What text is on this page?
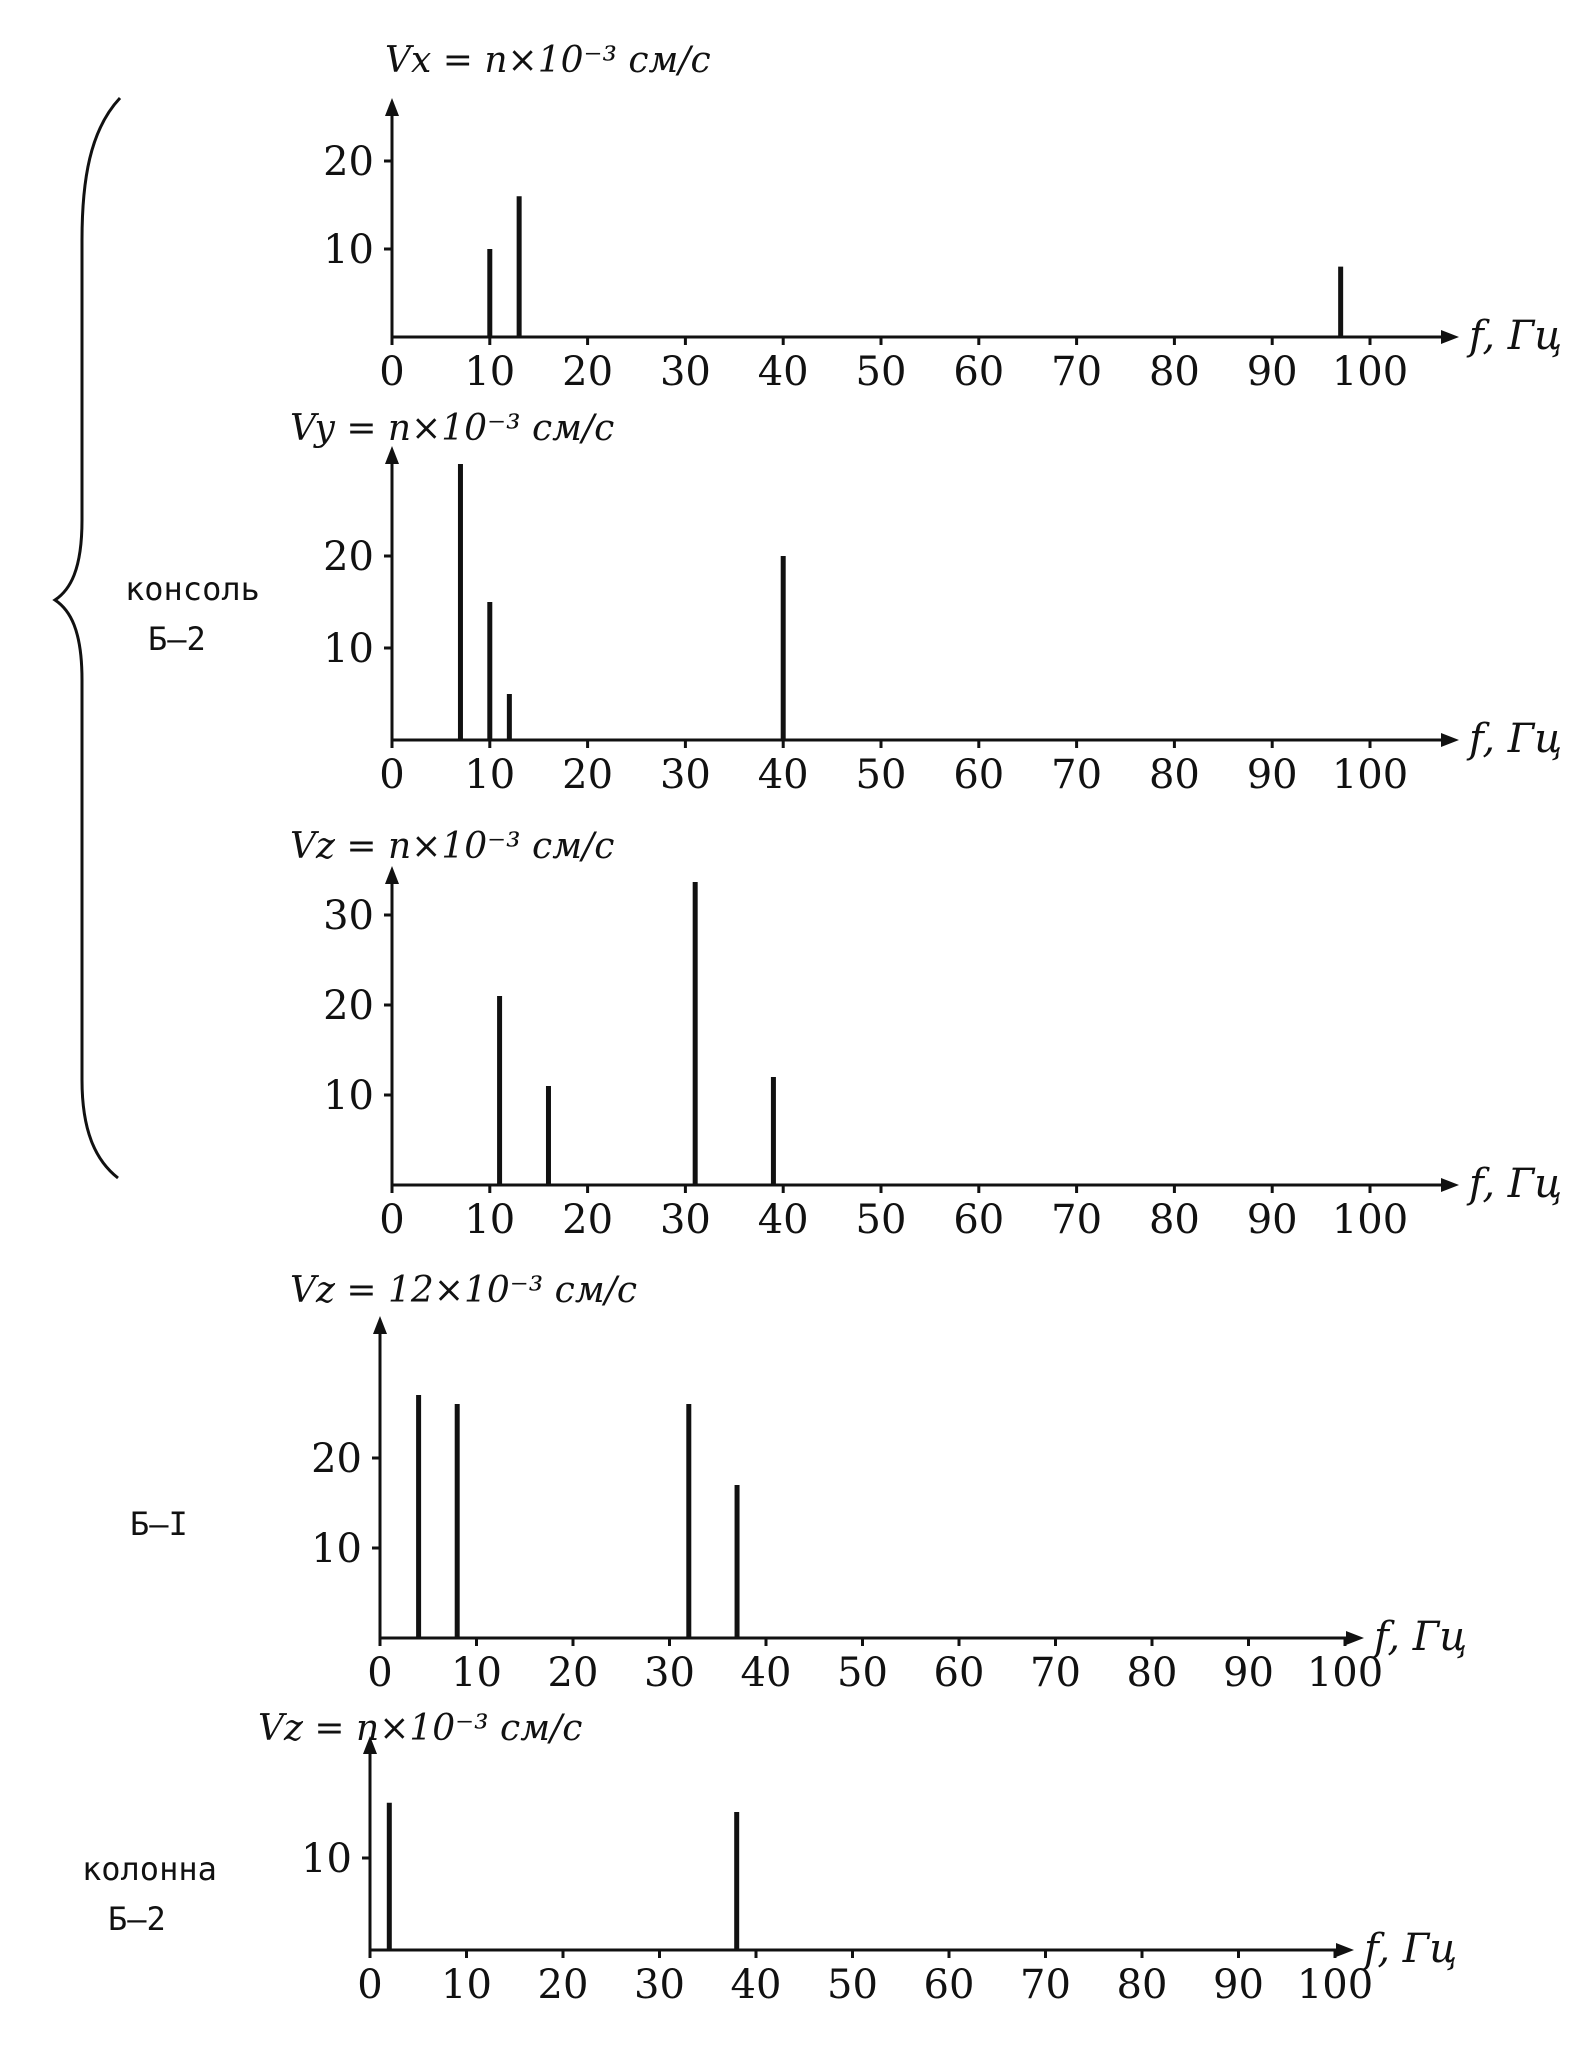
консоль
Б–2
Б–I
колонна
Б–2
Vx = n×10⁻³ см/с
0 10 20 30 40 50 60 70 80 90 100
10
20
f, Гц
Vy = n×10⁻³ см/с
0 10 20 30 40 50 60 70 80 90 100
10
20
f, Гц
Vz = n×10⁻³ см/с
0 10 20 30 40 50 60 70 80 90 100
10
20
30
f, Гц
Vz = 12×10⁻³ см/с
0 10 20 30 40 50 60 70 80 90 100
10
20
f, Гц
Vz = n×10⁻³ см/с
0 10 20 30 40 50 60 70 80 90 100
10
f, Гц
